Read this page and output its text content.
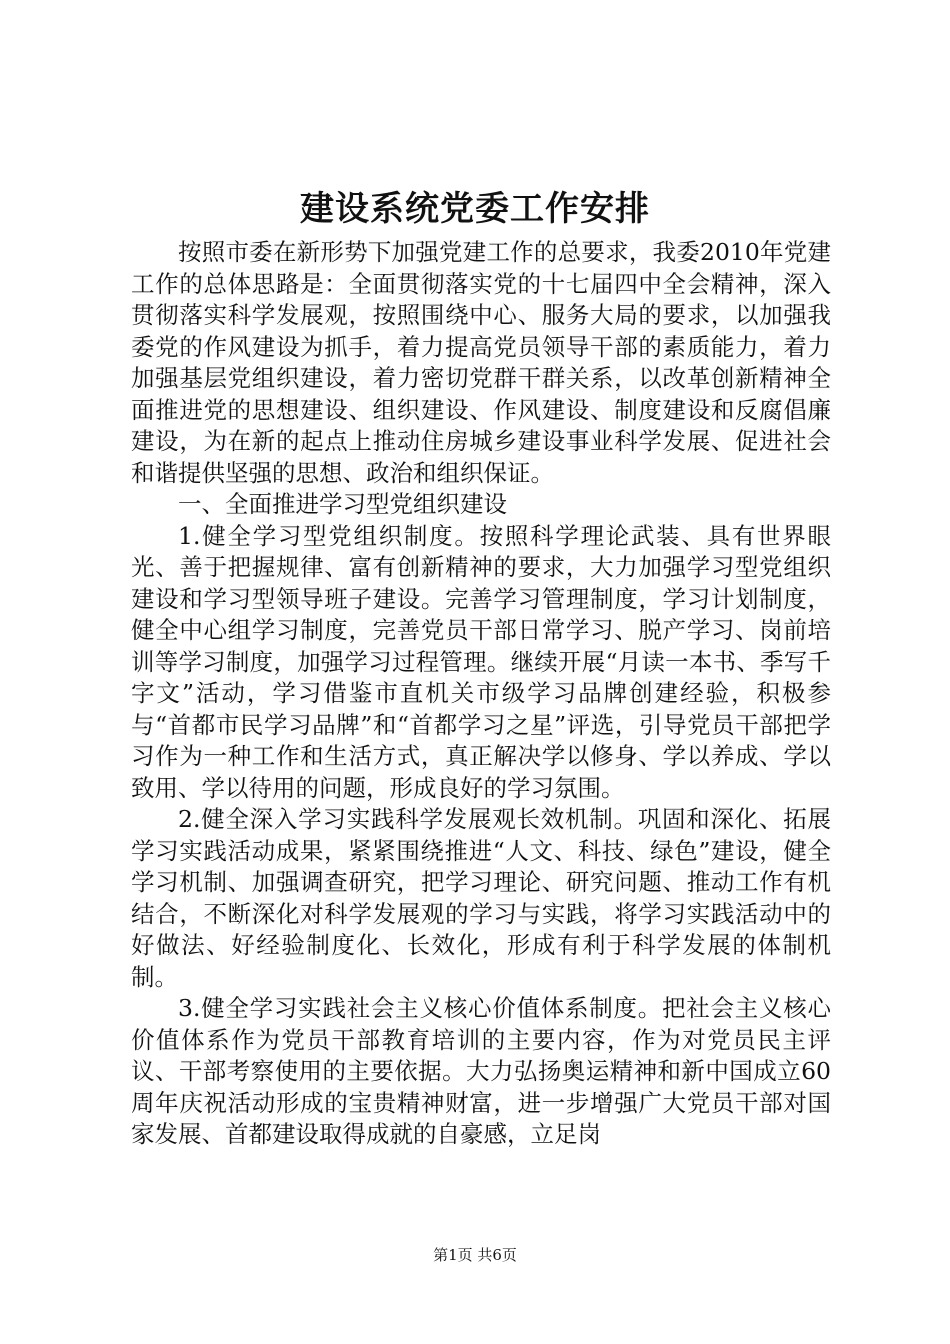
建设系统党委工作安排

按照市委在新形势下加强党建工作的总要求，我委2010年党建工作的总体思路是：全面贯彻落实党的十七届四中全会精神，深入贯彻落实科学发展观，按照围绕中心、服务大局的要求，以加强我委党的作风建设为抓手，着力提高党员领导干部的素质能力，着力加强基层党组织建设，着力密切党群干群关系，以改革创新精神全面推进党的思想建设、组织建设、作风建设、制度建设和反腐倡廉建设，为在新的起点上推动住房城乡建设事业科学发展、促进社会和谐提供坚强的思想、政治和组织保证。

一、全面推进学习型党组织建设

1.健全学习型党组织制度。按照科学理论武装、具有世界眼光、善于把握规律、富有创新精神的要求，大力加强学习型党组织建设和学习型领导班子建设。完善学习管理制度，学习计划制度，健全中心组学习制度，完善党员干部日常学习、脱产学习、岗前培训等学习制度，加强学习过程管理。继续开展“月读一本书、季写千字文”活动，学习借鉴市直机关市级学习品牌创建经验，积极参与“首都市民学习品牌”和“首都学习之星”评选，引导党员干部把学习作为一种工作和生活方式，真正解决学以修身、学以养成、学以致用、学以待用的问题，形成良好的学习氛围。

2.健全深入学习实践科学发展观长效机制。巩固和深化、拓展学习实践活动成果，紧紧围绕推进“人文、科技、绿色”建设，健全学习机制、加强调查研究，把学习理论、研究问题、推动工作有机结合，不断深化对科学发展观的学习与实践，将学习实践活动中的好做法、好经验制度化、长效化，形成有利于科学发展的体制机制。

3.健全学习实践社会主义核心价值体系制度。把社会主义核心价值体系作为党员干部教育培训的主要内容，作为对党员民主评议、干部考察使用的主要依据。大力弘扬奥运精神和新中国成立60周年庆祝活动形成的宝贵精神财富，进一步增强广大党员干部对国家发展、首都建设取得成就的自豪感，立足岗

第1页 共6页
